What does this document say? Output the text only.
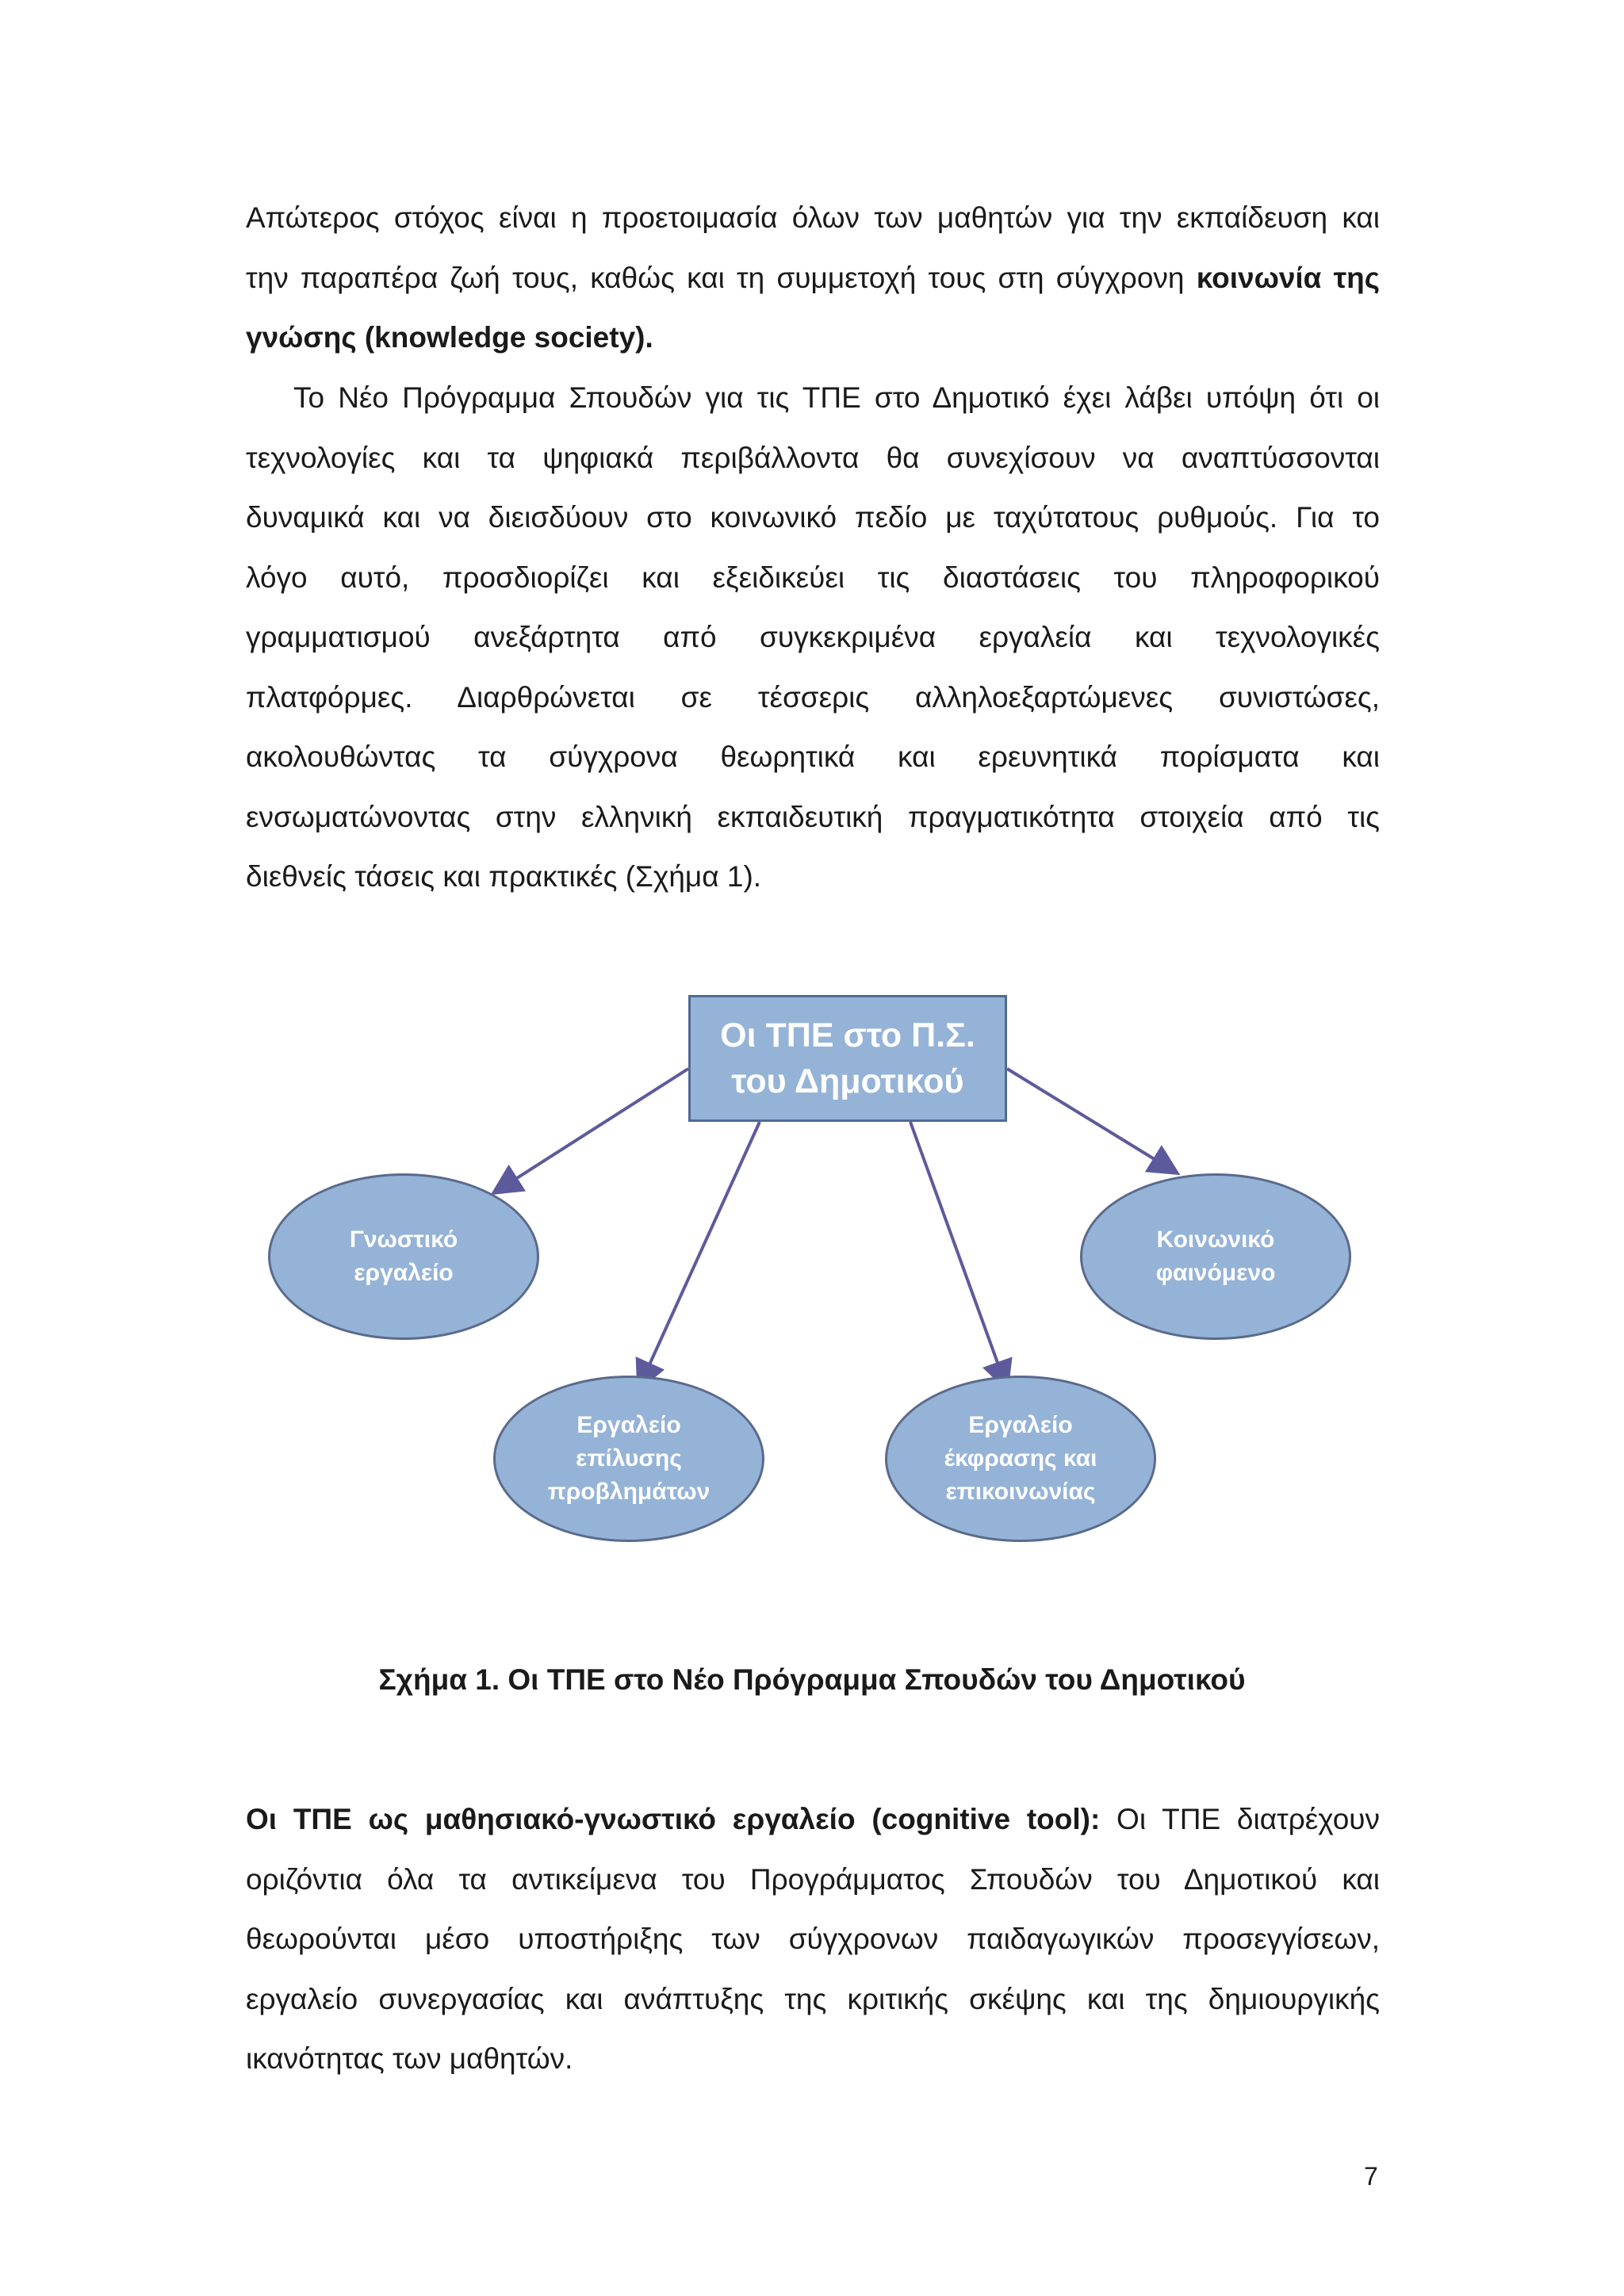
Απώτερος στόχος είναι η προετοιμασία όλων των μαθητών για την εκπαίδευση και
την παραπέρα ζωή τους, καθώς και τη συμμετοχή τους στη σύγχρονη κοινωνία της
γνώσης (knowledge society).
Το Νέο Πρόγραμμα Σπουδών για τις ΤΠΕ στο Δημοτικό έχει λάβει υπόψη ότι οι
τεχνολογίες και τα ψηφιακά περιβάλλοντα θα συνεχίσουν να αναπτύσσονται
δυναμικά και να διεισδύουν στο κοινωνικό πεδίο με ταχύτατους ρυθμούς. Για το
λόγο αυτό, προσδιορίζει και εξειδικεύει τις διαστάσεις του πληροφορικού
γραμματισμού ανεξάρτητα από συγκεκριμένα εργαλεία και τεχνολογικές
πλατφόρμες. Διαρθρώνεται σε τέσσερις αλληλοεξαρτώμενες συνιστώσες,
ακολουθώντας τα σύγχρονα θεωρητικά και ερευνητικά πορίσματα και
ενσωματώνοντας στην ελληνική εκπαιδευτική πραγματικότητα στοιχεία από τις
διεθνείς τάσεις και πρακτικές (Σχήμα 1).
Οι ΤΠΕ στο Π.Σ.
του Δημοτικού
Γνωστικό
εργαλείο
Εργαλείο
επίλυσης
προβλημάτων
Εργαλείο
έκφρασης και
επικοινωνίας
Κοινωνικό
φαινόμενο
Σχήμα 1. Οι ΤΠΕ στο Νέο Πρόγραμμα Σπουδών του Δημοτικού
Οι ΤΠΕ ως μαθησιακό-γνωστικό εργαλείο (cognitive tool): Οι ΤΠΕ διατρέχουν
οριζόντια όλα τα αντικείμενα του Προγράμματος Σπουδών του Δημοτικού και
θεωρούνται μέσο υποστήριξης των σύγχρονων παιδαγωγικών προσεγγίσεων,
εργαλείο συνεργασίας και ανάπτυξης της κριτικής σκέψης και της δημιουργικής
ικανότητας των μαθητών.
7
